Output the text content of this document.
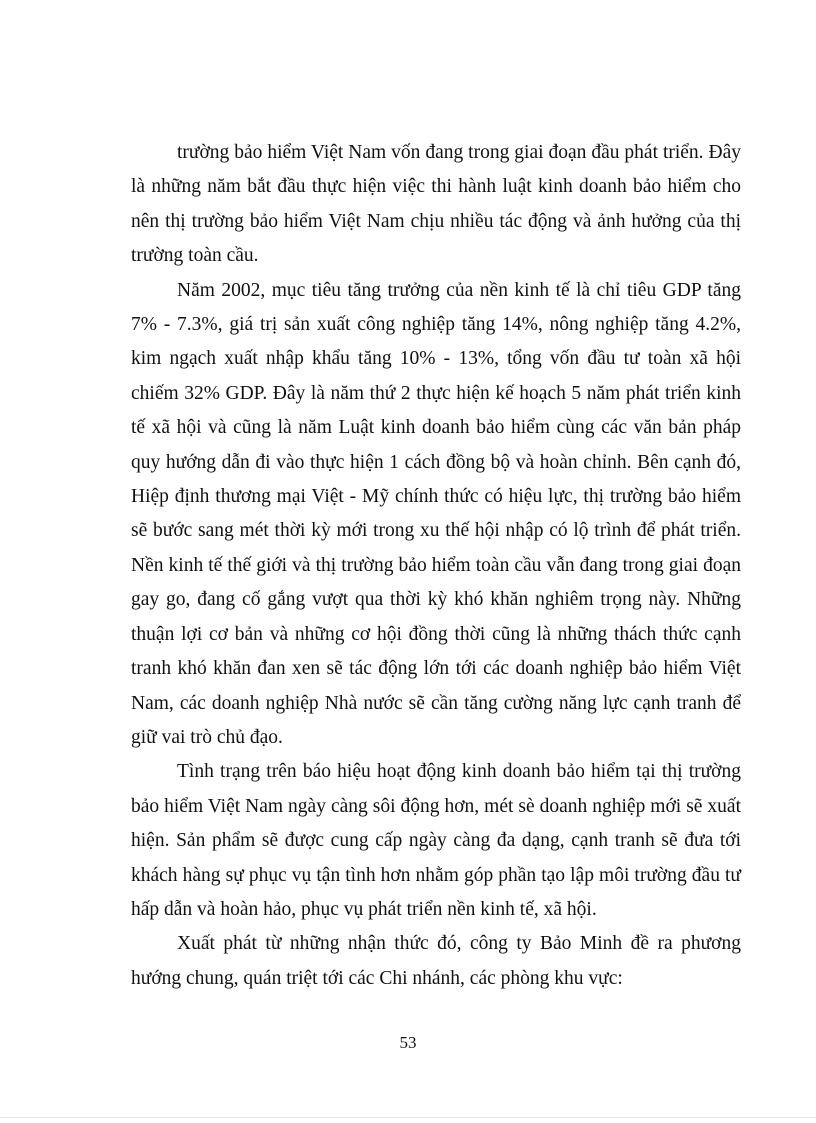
trường bảo hiểm Việt Nam vốn đang trong giai đoạn đầu phát triển. Đây là những năm bắt đầu thực hiện việc thi hành luật kinh doanh bảo hiểm cho nên thị trường bảo hiểm Việt Nam chịu nhiều tác động và ảnh hưởng của thị trường toàn cầu.

Năm 2002, mục tiêu tăng trưởng của nền kinh tế là chỉ tiêu GDP tăng 7% - 7.3%, giá trị sản xuất công nghiệp tăng 14%, nông nghiệp tăng 4.2%, kim ngạch xuất nhập khẩu tăng 10% - 13%, tổng vốn đầu tư toàn xã hội chiếm 32% GDP. Đây là năm thứ 2 thực hiện kế hoạch 5 năm phát triển kinh tế xã hội và cũng là năm Luật kinh doanh bảo hiểm cùng các văn bản pháp quy hướng dẫn đi vào thực hiện 1 cách đồng bộ và hoàn chỉnh. Bên cạnh đó, Hiệp định thương mại Việt - Mỹ chính thức có hiệu lực, thị trường bảo hiểm sẽ bước sang mét thời kỳ mới trong xu thế hội nhập có lộ trình để phát triển. Nền kinh tế thế giới và thị trường bảo hiểm toàn cầu vẫn đang trong giai đoạn gay go, đang cố gắng vượt qua thời kỳ khó khăn nghiêm trọng này. Những thuận lợi cơ bản và những cơ hội đồng thời cũng là những thách thức cạnh tranh khó khăn đan xen sẽ tác động lớn tới các doanh nghiệp bảo hiểm Việt Nam, các doanh nghiệp Nhà nước sẽ cần tăng cường năng lực cạnh tranh để giữ vai trò chủ đạo.

Tình trạng trên báo hiệu hoạt động kinh doanh bảo hiểm tại thị trường bảo hiểm Việt Nam ngày càng sôi động hơn, mét sè doanh nghiệp mới sẽ xuất hiện. Sản phẩm sẽ được cung cấp ngày càng đa dạng, cạnh tranh sẽ đưa tới khách hàng sự phục vụ tận tình hơn nhằm góp phần tạo lập môi trường đầu tư hấp dẫn và hoàn hảo, phục vụ phát triển nền kinh tế, xã hội.

Xuất phát từ những nhận thức đó, công ty Bảo Minh đề ra phương hướng chung, quán triệt tới các Chi nhánh, các phòng khu vực:

53
